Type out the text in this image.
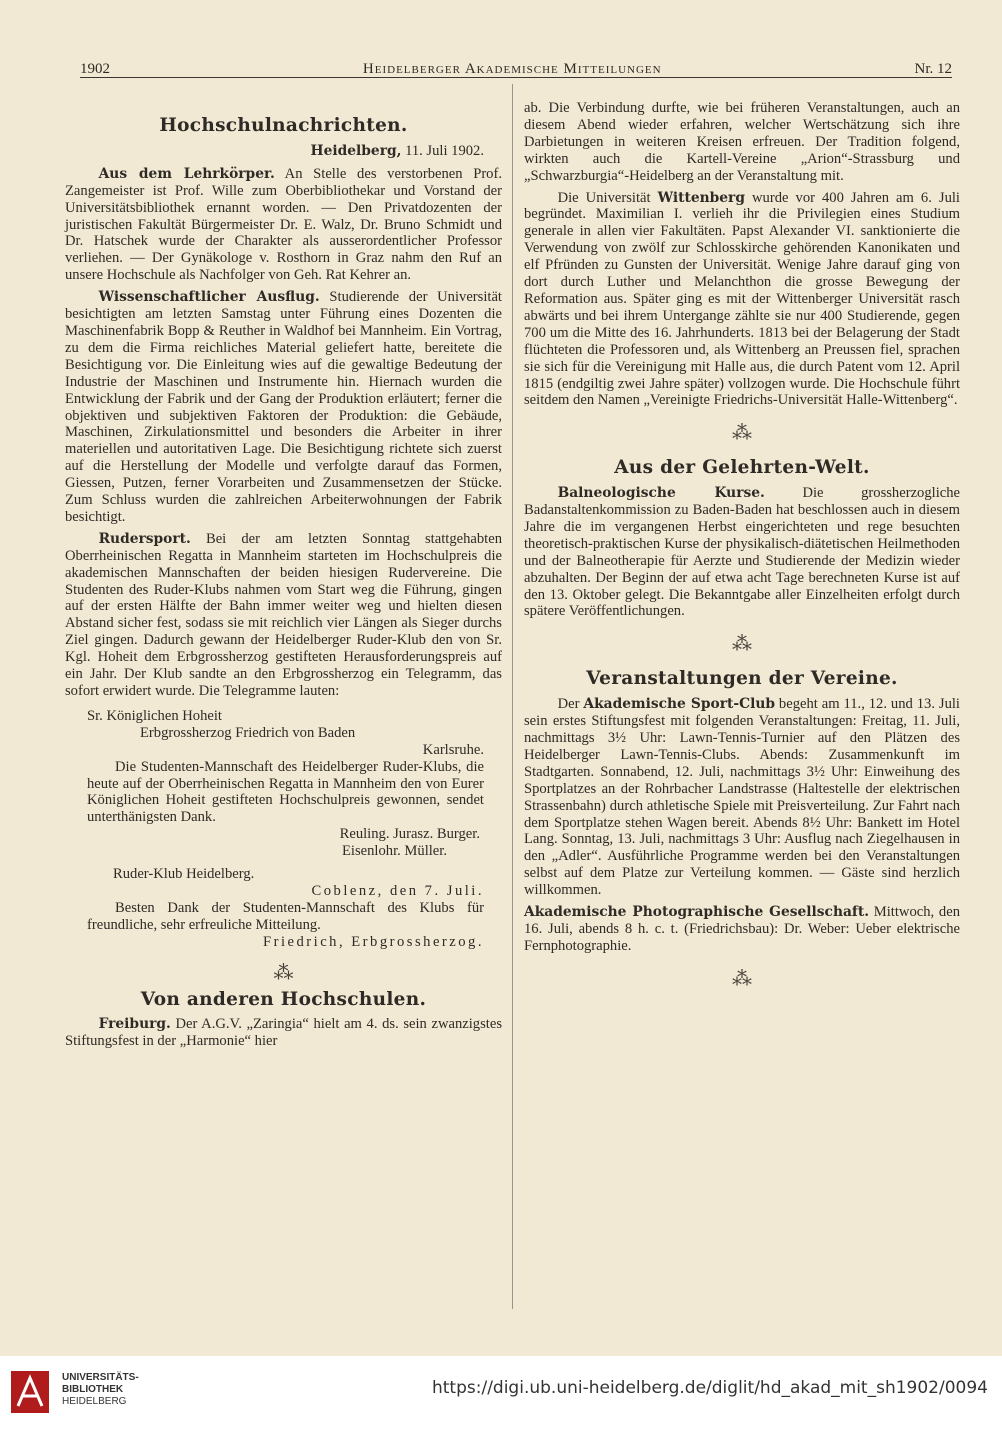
1902	Heidelberger Akademische Mitteilungen	Nr. 12

Hochschulnachrichten.

Heidelberg, 11. Juli 1902.

Aus dem Lehrkörper. An Stelle des verstorbenen Prof. Zangemeister ist Prof. Wille zum Oberbibliothekar und Vorstand der Universitätsbibliothek ernannt worden. — Den Privatdozenten der juristischen Fakultät Bürgermeister Dr. E. Walz, Dr. Bruno Schmidt und Dr. Hatschek wurde der Charakter als ausserordentlicher Professor verliehen. — Der Gynäkologe v. Rosthorn in Graz nahm den Ruf an unsere Hochschule als Nachfolger von Geh. Rat Kehrer an.

Wissenschaftlicher Ausflug. Studierende der Universität besichtigten am letzten Samstag unter Führung eines Dozenten die Maschinenfabrik Bopp & Reuther in Waldhof bei Mannheim. Ein Vortrag, zu dem die Firma reichliches Material geliefert hatte, bereitete die Besichtigung vor. Die Einleitung wies auf die gewaltige Bedeutung der Industrie der Maschinen und Instrumente hin. Hiernach wurden die Entwicklung der Fabrik und der Gang der Produktion erläutert; ferner die objektiven und subjektiven Faktoren der Produktion: die Gebäude, Maschinen, Zirkulationsmittel und besonders die Arbeiter in ihrer materiellen und autoritativen Lage. Die Besichtigung richtete sich zuerst auf die Herstellung der Modelle und verfolgte darauf das Formen, Giessen, Putzen, ferner Vorarbeiten und Zusammensetzen der Stücke. Zum Schluss wurden die zahlreichen Arbeiterwohnungen der Fabrik besichtigt.

Rudersport. Bei der am letzten Sonntag stattgehabten Oberrheinischen Regatta in Mannheim starteten im Hochschulpreis die akademischen Mannschaften der beiden hiesigen Rudervereine. Die Studenten des Ruder-Klubs nahmen vom Start weg die Führung, gingen auf der ersten Hälfte der Bahn immer weiter weg und hielten diesen Abstand sicher fest, sodass sie mit reichlich vier Längen als Sieger durchs Ziel gingen. Dadurch gewann der Heidelberger Ruder-Klub den von Sr. Kgl. Hoheit dem Erbgrossherzog gestifteten Herausforderungspreis auf ein Jahr. Der Klub sandte an den Erbgrossherzog ein Telegramm, das sofort erwidert wurde. Die Telegramme lauten:

Sr. Königlichen Hoheit

Erbgrossherzog Friedrich von Baden

Karlsruhe.

Die Studenten-Mannschaft des Heidelberger Ruder-Klubs, die heute auf der Oberrheinischen Regatta in Mannheim den von Eurer Königlichen Hoheit gestifteten Hochschulpreis gewonnen, sendet unterthänigsten Dank.

Reuling. Jurasz. Burger.

Eisenlohr. Müller.

Ruder-Klub Heidelberg.

Coblenz, den 7. Juli.

Besten Dank der Studenten-Mannschaft des Klubs für freundliche, sehr erfreuliche Mitteilung.

Friedrich, Erbgrossherzog.

⁂

Von anderen Hochschulen.

Freiburg. Der A.G.V. „Zaringia“ hielt am 4. ds. sein zwanzigstes Stiftungsfest in der „Harmonie“ hier

ab. Die Verbindung durfte, wie bei früheren Veranstaltungen, auch an diesem Abend wieder erfahren, welcher Wertschätzung sich ihre Darbietungen in weiteren Kreisen erfreuen. Der Tradition folgend, wirkten auch die Kartell-Vereine „Arion“-Strassburg und „Schwarzburgia“-Heidelberg an der Veranstaltung mit.

Die Universität Wittenberg wurde vor 400 Jahren am 6. Juli begründet. Maximilian I. verlieh ihr die Privilegien eines Studium generale in allen vier Fakultäten. Papst Alexander VI. sanktionierte die Verwendung von zwölf zur Schlosskirche gehörenden Kanonikaten und elf Pfründen zu Gunsten der Universität. Wenige Jahre darauf ging von dort durch Luther und Melanchthon die grosse Bewegung der Reformation aus. Später ging es mit der Wittenberger Universität rasch abwärts und bei ihrem Untergange zählte sie nur 400 Studierende, gegen 700 um die Mitte des 16. Jahrhunderts. 1813 bei der Belagerung der Stadt flüchteten die Professoren und, als Wittenberg an Preussen fiel, sprachen sie sich für die Vereinigung mit Halle aus, die durch Patent vom 12. April 1815 (endgiltig zwei Jahre später) vollzogen wurde. Die Hochschule führt seitdem den Namen „Vereinigte Friedrichs-Universität Halle-Wittenberg“.

⁂

Aus der Gelehrten-Welt.

Balneologische Kurse.	Die grossherzogliche Badanstaltenkommission zu Baden-Baden hat beschlossen auch in diesem Jahre die im vergangenen Herbst eingerichteten und rege besuchten theoretisch-praktischen Kurse der physikalisch-diätetischen Heilmethoden und der Balneotherapie für Aerzte und Studierende der Medizin wieder abzuhalten. Der Beginn der auf etwa acht Tage berechneten Kurse ist auf den 13. Oktober gelegt. Die Bekanntgabe aller Einzelheiten erfolgt durch spätere Veröffentlichungen.

⁂

Veranstaltungen der Vereine.

Der Akademische Sport-Club begeht am 11., 12. und 13. Juli sein erstes Stiftungsfest mit folgenden Veranstaltungen: Freitag, 11. Juli, nachmittags 3½ Uhr: Lawn-Tennis-Turnier auf den Plätzen des Heidelberger Lawn-Tennis-Clubs. Abends: Zusammenkunft im Stadtgarten. Sonnabend, 12. Juli, nachmittags 3½ Uhr: Einweihung des Sportplatzes an der Rohrbacher Landstrasse (Haltestelle der elektrischen Strassenbahn) durch athletische Spiele mit Preisverteilung. Zur Fahrt nach dem Sportplatze stehen Wagen bereit. Abends 8½ Uhr: Bankett im Hotel Lang. Sonntag, 13. Juli, nachmittags 3 Uhr: Ausflug nach Ziegelhausen in den „Adler“. Ausführliche Programme werden bei den Veranstaltungen selbst auf dem Platze zur Verteilung kommen. — Gäste sind herzlich willkommen.

Akademische Photographische Gesellschaft. Mittwoch, den 16. Juli, abends 8 h. c. t. (Friedrichsbau): Dr. Weber: Ueber elektrische Fernphotographie.

⁂
UNIVERSITÄTS-
BIBLIOTHEK
HEIDELBERG
https://digi.ub.uni-heidelberg.de/diglit/hd_akad_mit_sh1902/0094
